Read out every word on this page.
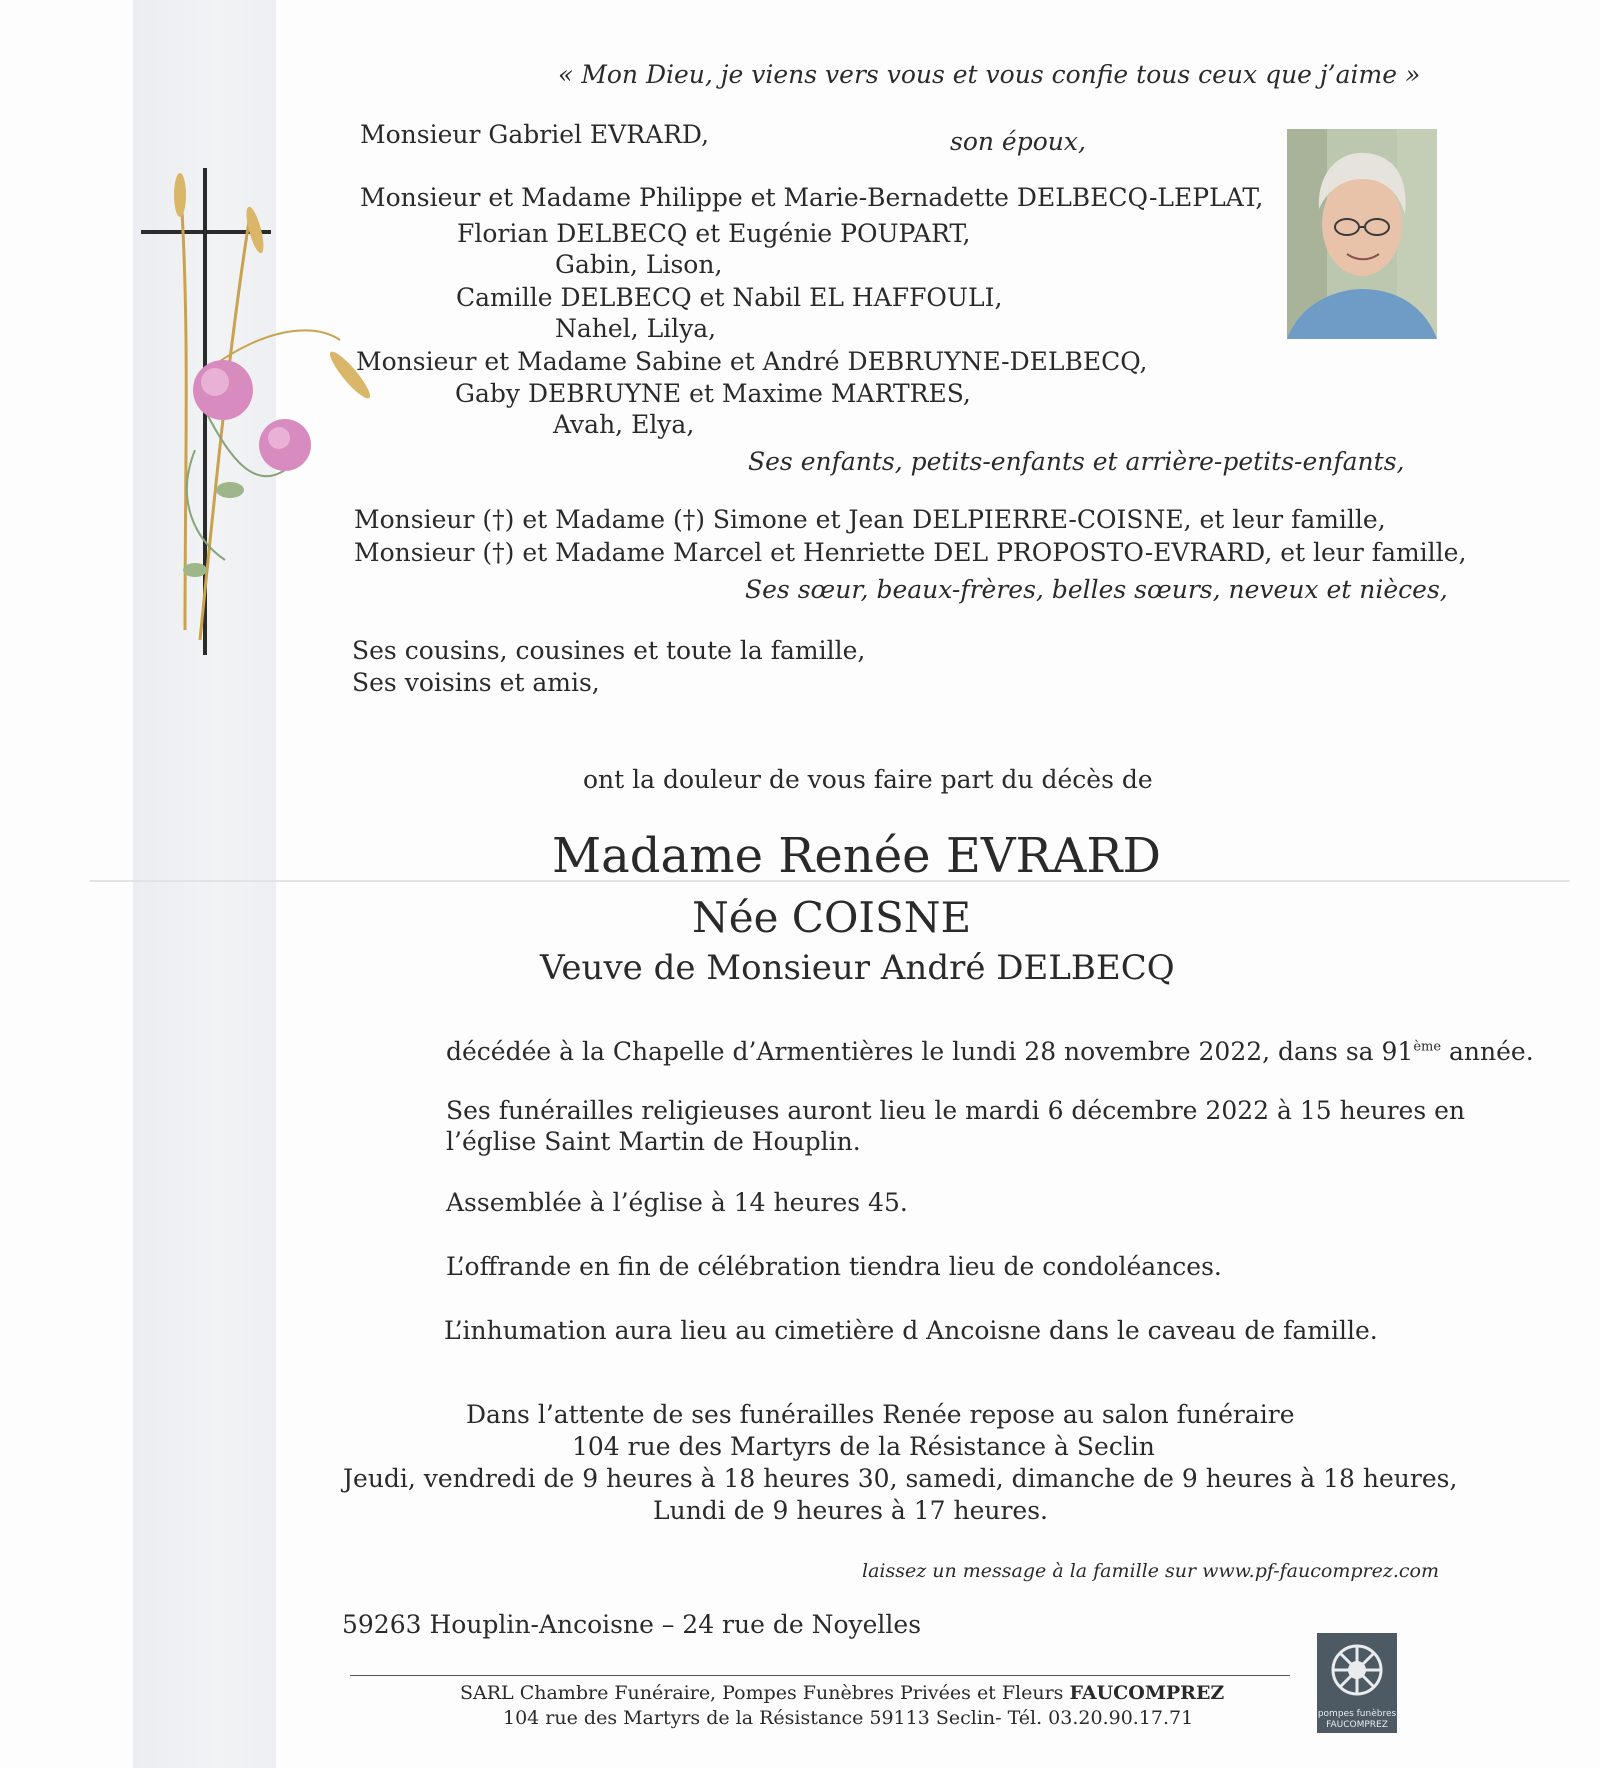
« Mon Dieu, je viens vers vous et vous confie tous ceux que j’aime »

Monsieur Gabriel EVRARD,	son époux,

Monsieur et Madame Philippe et Marie-Bernadette DELBECQ-LEPLAT,

Florian DELBECQ et Eugénie POUPART,

Gabin, Lison,

Camille DELBECQ et Nabil EL HAFFOULI,

Nahel, Lilya,

Monsieur et Madame Sabine et André DEBRUYNE-DELBECQ,

Gaby DEBRUYNE et Maxime MARTRES,

Avah, Elya,

Ses enfants, petits-enfants et arrière-petits-enfants,

Monsieur (†) et Madame (†) Simone et Jean DELPIERRE-COISNE, et leur famille,

Monsieur (†) et Madame Marcel et Henriette DEL PROPOSTO-EVRARD, et leur famille,

Ses sœur, beaux-frères, belles sœurs, neveux et nièces,

Ses cousins, cousines et toute la famille,

Ses voisins et amis,

ont la douleur de vous faire part du décès de

Madame Renée EVRARD

Née COISNE

Veuve de Monsieur André DELBECQ

décédée à la Chapelle d’Armentières le lundi 28 novembre 2022, dans sa 91ème année.

Ses funérailles religieuses auront lieu le mardi 6 décembre 2022 à 15 heures en

l’église Saint Martin de Houplin.

Assemblée à l’église à 14 heures 45.

L’offrande en fin de célébration tiendra lieu de condoléances.

L’inhumation aura lieu au cimetière d Ancoisne dans le caveau de famille.

Dans l’attente de ses funérailles Renée repose au salon funéraire

104 rue des Martyrs de la Résistance à Seclin

Jeudi, vendredi de 9 heures à 18 heures 30, samedi, dimanche de 9 heures à 18 heures,

Lundi de 9 heures à 17 heures.

laissez un message à la famille sur www.pf-faucomprez.com

59263 Houplin-Ancoisne – 24 rue de Noyelles

SARL Chambre Funéraire, Pompes Funèbres Privées et Fleurs FAUCOMPREZ

104 rue des Martyrs de la Résistance 59113 Seclin- Tél. 03.20.90.17.71	pompes funèbres
FAUCOMPREZ
